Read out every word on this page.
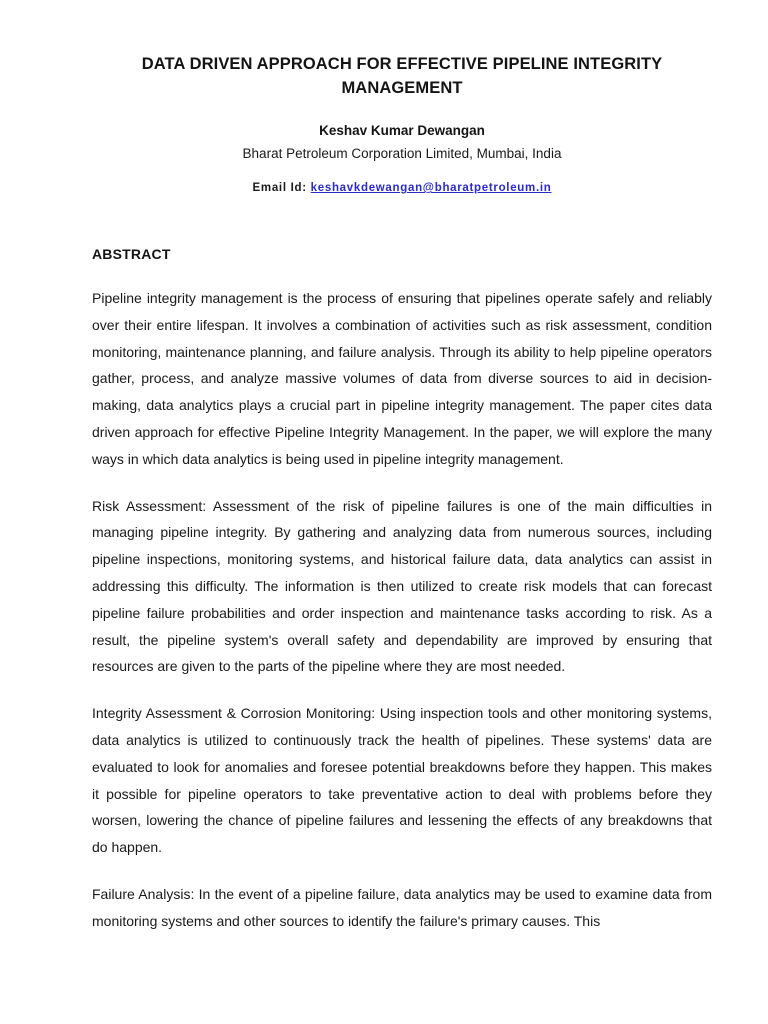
DATA DRIVEN APPROACH FOR EFFECTIVE PIPELINE INTEGRITY MANAGEMENT

Keshav Kumar Dewangan

Bharat Petroleum Corporation Limited, Mumbai, India

Email Id: keshavkdewangan@bharatpetroleum.in

ABSTRACT

Pipeline integrity management is the process of ensuring that pipelines operate safely and reliably over their entire lifespan. It involves a combination of activities such as risk assessment, condition monitoring, maintenance planning, and failure analysis. Through its ability to help pipeline operators gather, process, and analyze massive volumes of data from diverse sources to aid in decision-making, data analytics plays a crucial part in pipeline integrity management. The paper cites data driven approach for effective Pipeline Integrity Management. In the paper, we will explore the many ways in which data analytics is being used in pipeline integrity management.

Risk Assessment: Assessment of the risk of pipeline failures is one of the main difficulties in managing pipeline integrity. By gathering and analyzing data from numerous sources, including pipeline inspections, monitoring systems, and historical failure data, data analytics can assist in addressing this difficulty. The information is then utilized to create risk models that can forecast pipeline failure probabilities and order inspection and maintenance tasks according to risk. As a result, the pipeline system's overall safety and dependability are improved by ensuring that resources are given to the parts of the pipeline where they are most needed.

Integrity Assessment & Corrosion Monitoring: Using inspection tools and other monitoring systems, data analytics is utilized to continuously track the health of pipelines. These systems' data are evaluated to look for anomalies and foresee potential breakdowns before they happen. This makes it possible for pipeline operators to take preventative action to deal with problems before they worsen, lowering the chance of pipeline failures and lessening the effects of any breakdowns that do happen.

Failure Analysis: In the event of a pipeline failure, data analytics may be used to examine data from monitoring systems and other sources to identify the failure's primary causes. This
